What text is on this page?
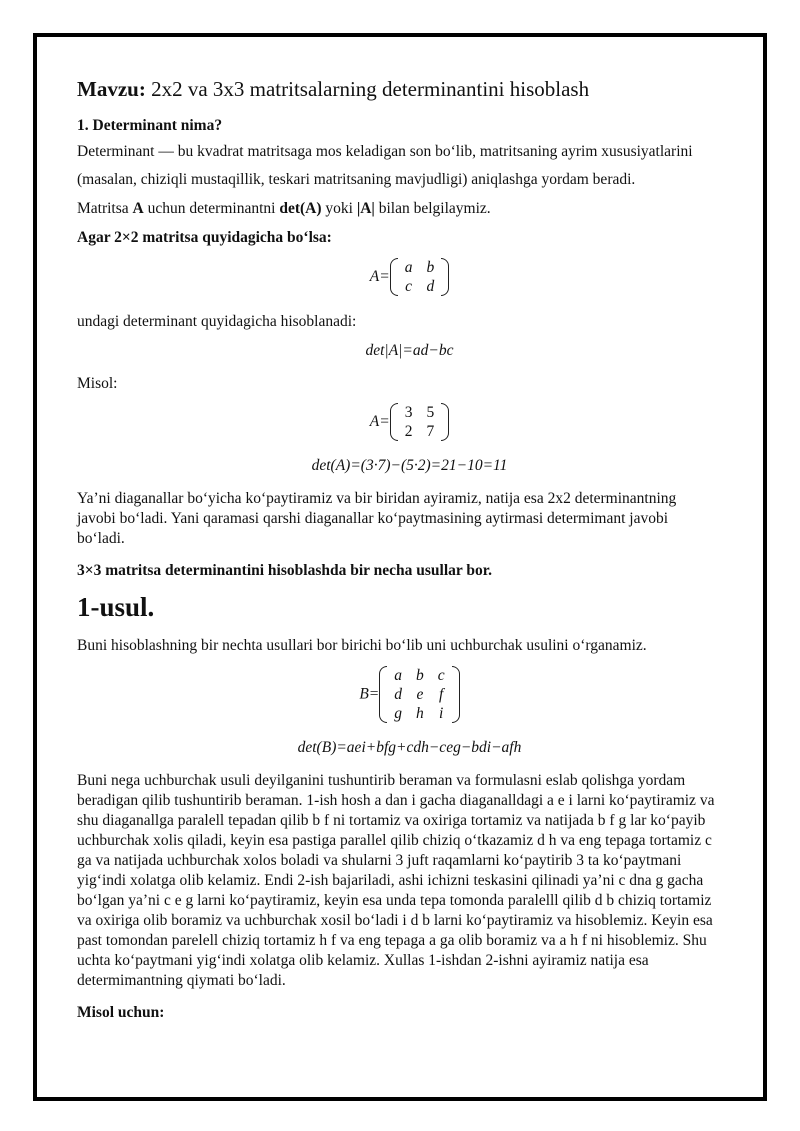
Mavzu: 2x2 va 3x3 matritsalarning determinantini hisoblash
1. Determinant nima?
Determinant — bu kvadrat matritsaga mos keladigan son bo‘lib, matritsaning ayrim xususiyatlarini
(masalan, chiziqli mustaqillik, teskari matritsaning mavjudligi) aniqlashga yordam beradi.
Matritsa A uchun determinantni det(A) yoki |A| bilan belgilaymiz.
Agar 2×2 matritsa quyidagicha bo‘lsa:
A=
a	b
c	d
undagi determinant quyidagicha hisoblanadi:
det|A|=ad−bc
Misol:
A=
3	5
2	7
det(A)=(3·7)−(5·2)=21−10=11
Ya’ni diaganallar bo‘yicha ko‘paytiramiz va bir biridan ayiramiz, natija esa 2x2 determinantning
javobi bo‘ladi. Yani qaramasi qarshi diaganallar ko‘paytmasining aytirmasi determimant javobi
bo‘ladi.
3×3 matritsa determinantini hisoblashda bir necha usullar bor.
1-usul.
Buni hisoblashning bir nechta usullari bor birichi bo‘lib uni uchburchak usulini o‘rganamiz.
B=
a	b	c
d	e	f
g	h	i
det(B)=aei+bfg+cdh−ceg−bdi−afh
Buni nega uchburchak usuli deyilganini tushuntirib beraman va formulasni eslab qolishga yordam
beradigan qilib tushuntirib beraman. 1-ish hosh a dan i gacha diaganalldagi a e i larni ko‘paytiramiz va
shu diaganallga paralell tepadan qilib b f ni tortamiz va oxiriga tortamiz va natijada b f g lar ko‘payib
uchburchak xolis qiladi, keyin esa pastiga parallel qilib chiziq o‘tkazamiz d h va eng tepaga tortamiz c
ga va natijada uchburchak xolos boladi va shularni 3 juft raqamlarni ko‘paytirib 3 ta ko‘paytmani
yig‘indi xolatga olib kelamiz. Endi 2-ish bajariladi, ashi ichizni teskasini qilinadi ya’ni c dna g gacha
bo‘lgan ya’ni c e g larni ko‘paytiramiz, keyin esa unda tepa tomonda paralelll qilib d b chiziq tortamiz
va oxiriga olib boramiz va uchburchak xosil bo‘ladi i d b larni ko‘paytiramiz va hisoblemiz. Keyin esa
past tomondan parelell chiziq tortamiz h f va eng tepaga a ga olib boramiz va a h f ni hisoblemiz. Shu
uchta ko‘paytmani yig‘indi xolatga olib kelamiz. Xullas 1-ishdan 2-ishni ayiramiz natija esa
determimantning qiymati bo‘ladi.
Misol uchun:
